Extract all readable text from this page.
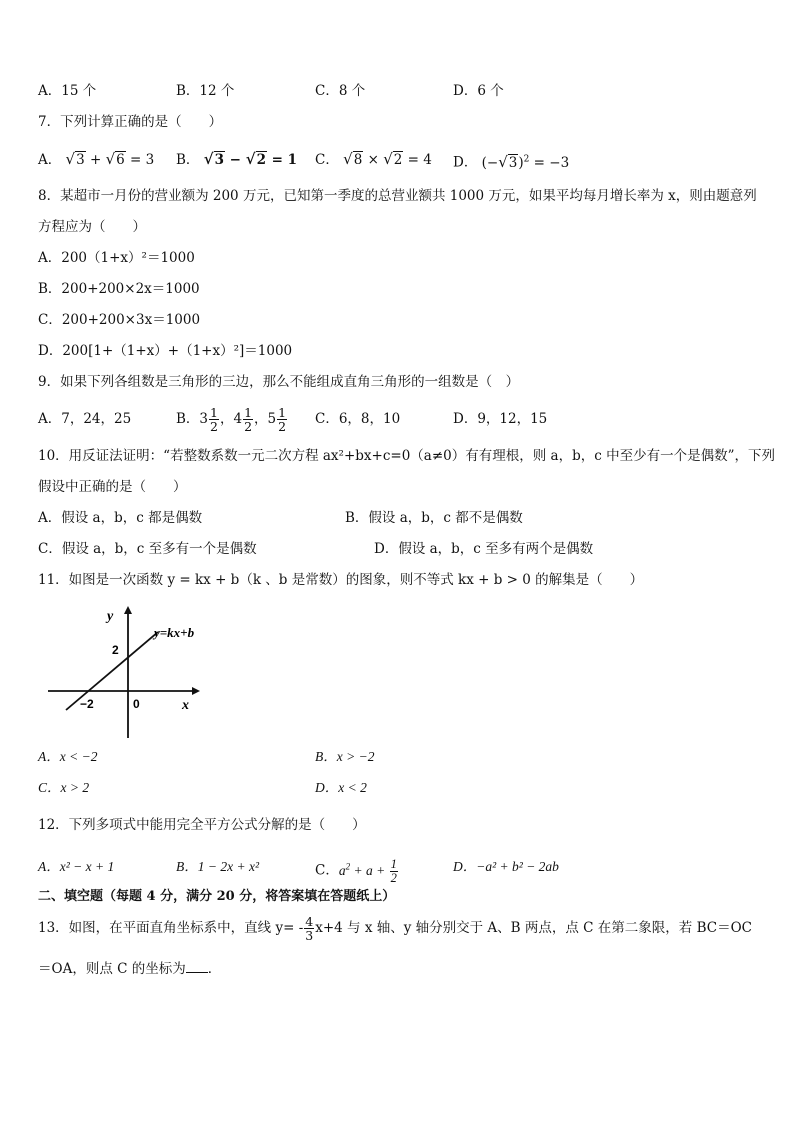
A．15 个	B．12 个	C．8 个	D．6 个
7．下列计算正确的是（　　）
A． √3 + √6 = 3 B． √3 − √2 = 1 C． √8 × √2 = 4 D． $(-√3)^2 = -3$
8．某超市一月份的营业额为 200 万元，已知第一季度的总营业额共 1000 万元，如果平均每月增长率为 x，则由题意列
方程应为（　　）
A．200（1+x）²＝1000
B．200+200×2x＝1000
C．200+200×3x＝1000
D．200[1+（1+x）+（1+x）²]＝1000
9．如果下列各组数是三角形的三边，那么不能组成直角三角形的一组数是（　）
A．7，24，25	B．$3 \frac{1}{2}$ ，$4 \frac{1}{2}$ ，$5 \frac{1}{2}$ C．6，8，10	D．9，12，15
10．用反证法证明：“若整数系数一元二次方程 ax²+bx+c=0（a≠0）有有理根，则 a，b，c 中至少有一个是偶数”，下列
假设中正确的是（　　）
A．假设 a，b，c 都是偶数	B．假设 a，b，c 都不是偶数
C．假设 a，b，c 至多有一个是偶数	D．假设 a，b，c 至多有两个是偶数
11．如图是一次函数 y = kx + b（k 、b 是常数）的图象，则不等式 kx + b > 0 的解集是（　　）
y
x
y=kx+b
2
−2	0
A．x < −2	B．x > −2
C．x > 2	D．x < 2
12．下列多项式中能用完全平方公式分解的是（　　）
A．x² − x + 1	B．1 − 2x + x²	C．$a^2 + a + \frac{1}{2}$	D．−a² + b² − 2ab
二、填空题（每题 4 分，满分 20 分，将答案填在答题纸上）
13．如图，在平面直角坐标系中，直线 $y= - \frac{4}{3} x+4$ 与 x 轴、y 轴分别交于 A、B 两点，点 C 在第二象限，若 BC＝OC
＝OA，则点 C 的坐标为 ．
